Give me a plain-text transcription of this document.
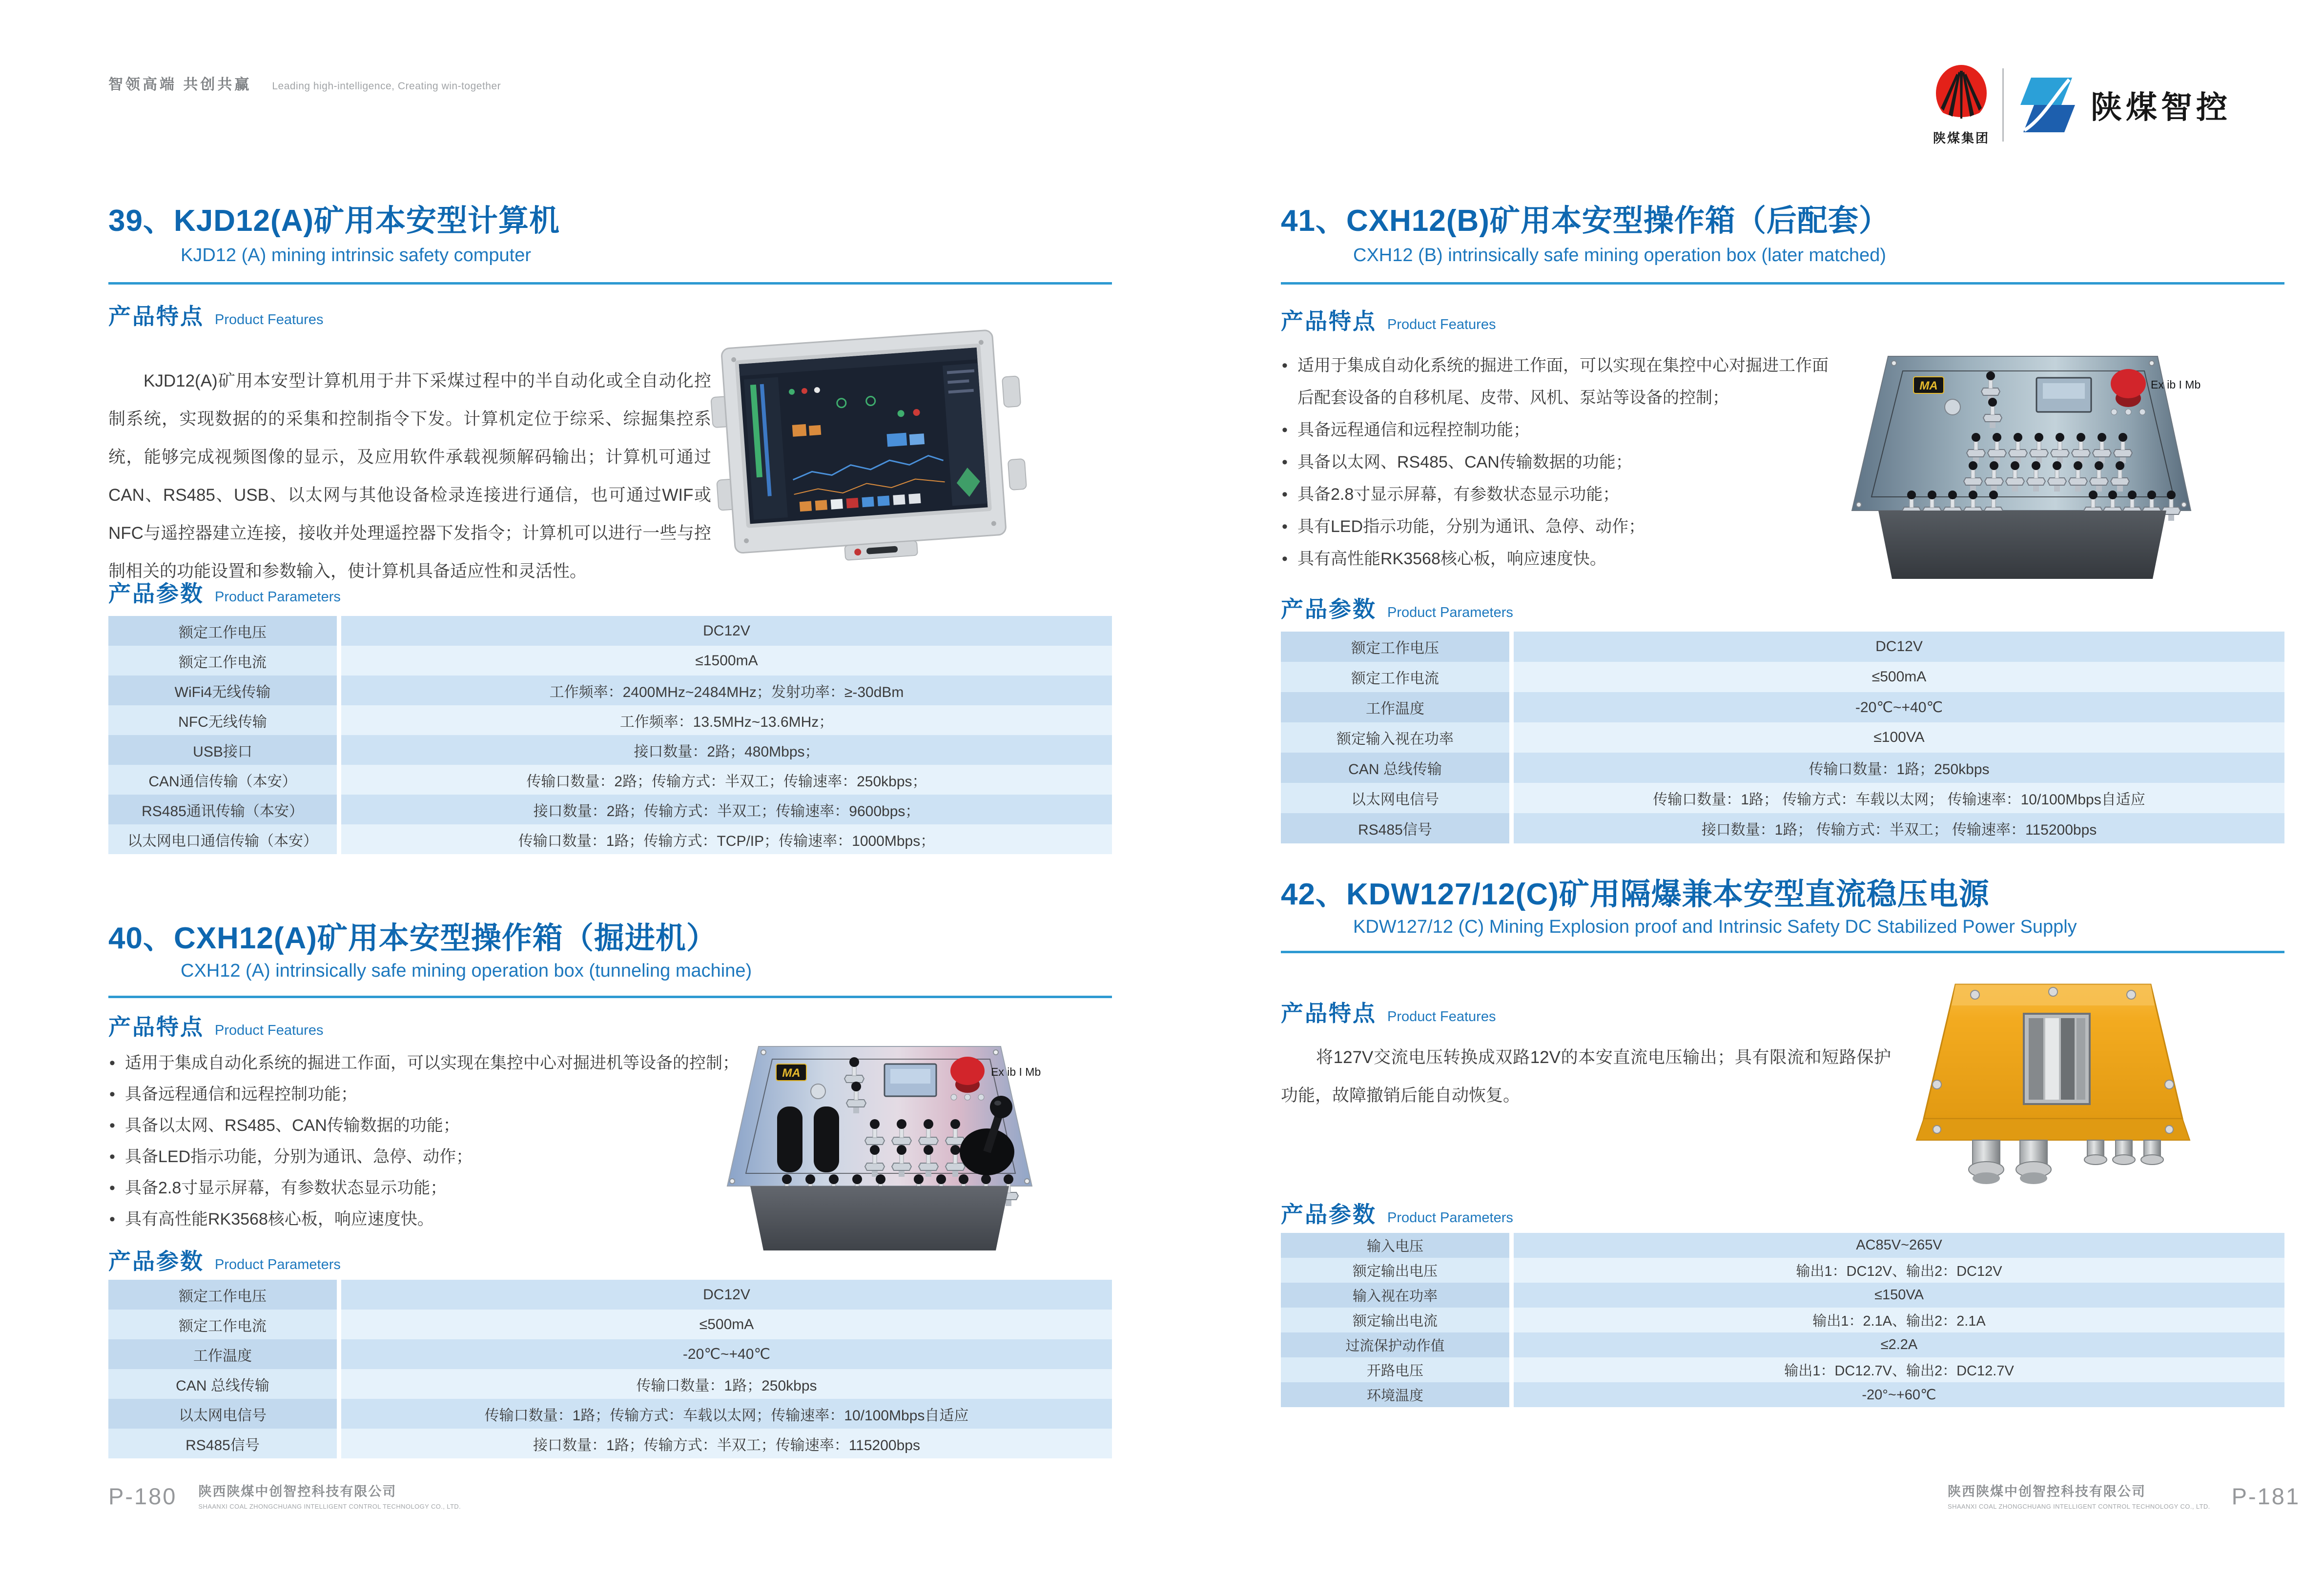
智领高端 共创共赢 Leading high-intelligence, Creating win-together
陕煤集团
陕煤智控
39、KJD12(A)矿用本安型计算机
KJD12 (A) mining intrinsic safety computer
产品特点 Product Features
KJD12(A)矿用本安型计算机用于井下采煤过程中的半自动化或全自动化控制系统，实现数据的的采集和控制指令下发。计算机定位于综采、综掘集控系统，能够完成视频图像的显示，及应用软件承载视频解码输出；计算机可通过CAN、RS485、USB、以太网与其他设备检录连接进行通信，也可通过WIF或NFC与遥控器建立连接，接收并处理遥控器下发指令；计算机可以进行一些与控制相关的功能设置和参数输入，使计算机具备适应性和灵活性。
产品参数 Product Parameters
额定工作电压	DC12V
额定工作电流	≤1500mA
WiFi4无线传输	工作频率：2400MHz~2484MHz；发射功率：≥-30dBm
NFC无线传输	工作频率：13.5MHz~13.6MHz；
USB接口	接口数量：2路；480Mbps；
CAN通信传输（本安）	传输口数量：2路；传输方式：半双工；传输速率：250kbps；
RS485通讯传输（本安）	接口数量：2路；传输方式：半双工；传输速率：9600bps；
以太网电口通信传输（本安）	传输口数量：1路；传输方式：TCP/IP；传输速率：1000Mbps；
40、CXH12(A)矿用本安型操作箱（掘进机）
CXH12 (A) intrinsically safe mining operation box (tunneling machine)
产品特点 Product Features
• 适用于集成自动化系统的掘进工作面，可以实现在集控中心对掘进机等设备的控制；
• 具备远程通信和远程控制功能；
• 具备以太网、RS485、CAN传输数据的功能；
• 具备LED指示功能，分别为通讯、急停、动作；
• 具备2.8寸显示屏幕，有参数状态显示功能；
• 具有高性能RK3568核心板，响应速度快。
MA	Ex ib I Mb
产品参数 Product Parameters
额定工作电压	DC12V
额定工作电流	≤500mA
工作温度	-20℃~+40℃
CAN 总线传输	传输口数量：1路；250kbps
以太网电信号	传输口数量：1路；传输方式：车载以太网；传输速率：10/100Mbps自适应
RS485信号	接口数量：1路；传输方式：半双工；传输速率：115200bps
41、CXH12(B)矿用本安型操作箱（后配套）
CXH12 (B) intrinsically safe mining operation box (later matched)
产品特点 Product Features
• 适用于集成自动化系统的掘进工作面，可以实现在集控中心对掘进工作面后配套设备的自移机尾、皮带、风机、泵站等设备的控制；
• 具备远程通信和远程控制功能；
• 具备以太网、RS485、CAN传输数据的功能；
• 具备2.8寸显示屏幕，有参数状态显示功能；
• 具有LED指示功能，分别为通讯、急停、动作；
• 具有高性能RK3568核心板，响应速度快。
MA	Ex ib I Mb
产品参数 Product Parameters
额定工作电压	DC12V
额定工作电流	≤500mA
工作温度	-20℃~+40℃
额定输入视在功率	≤100VA
CAN 总线传输	传输口数量：1路；250kbps
以太网电信号	传输口数量：1路； 传输方式：车载以太网； 传输速率：10/100Mbps自适应
RS485信号	接口数量：1路； 传输方式：半双工； 传输速率：115200bps
42、KDW127/12(C)矿用隔爆兼本安型直流稳压电源
KDW127/12 (C) Mining Explosion proof and Intrinsic Safety DC Stabilized Power Supply
产品特点 Product Features
将127V交流电压转换成双路12V的本安直流电压输出；具有限流和短路保护功能，故障撤销后能自动恢复。
产品参数 Product Parameters
输入电压	AC85V~265V
额定输出电压	输出1：DC12V、输出2：DC12V
输入视在功率	≤150VA
额定输出电流	输出1：2.1A、输出2：2.1A
过流保护动作值	≤2.2A
开路电压	输出1：DC12.7V、输出2：DC12.7V
环境温度	-20°~+60℃
P-180 陕西陕煤中创智控科技有限公司
SHAANXI COAL ZHONGCHUANG INTELLIGENT CONTROL TECHNOLOGY CO., LTD.
陕西陕煤中创智控科技有限公司
SHAANXI COAL ZHONGCHUANG INTELLIGENT CONTROL TECHNOLOGY CO., LTD. P-181
